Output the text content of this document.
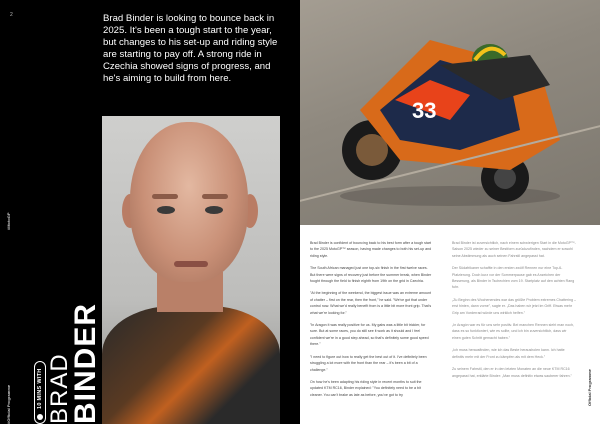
2
#Official Programme
#MotoGP
Brad Binder is looking to bounce back in 2025. It's been a tough start to the year, but changes to his set-up and riding style are starting to pay off. A strong ride in Czechia showed signs of progress, and he's aiming to build from here.
10 MINS WITH BRAD
BINDER
33

Brad Binder is confident of bouncing back to his best form after a tough start to the 2025 MotoGP™ season, having made changes to both his set-up and riding style.

The South African managed just one top-six finish in the first twelve races. But there were signs of recovery just before the summer break, when Binder fought through the field to finish eighth from 19th on the grid in Czechia.

"At the beginning of the weekend, the biggest issue was an extreme amount of chatter – first on the rear, then the front," he said. "We've got that under control now. What we'd really benefit from is a little bit more front grip. That's what we're looking for."

"In Aragon it was really positive for us. My gabs was a little bit trickier, for sure. But at some races, you do still see it work as it should and I feel confident we're in a good step ahead, so that's definitely some good speed there."

"I need to figure out how to really get the best out of it. I've definitely been struggling a lot more with the front than the rear – it's been a bit of a challenge."

On how he's been adapting his riding style in recent months to suit the updated KTM RC16, Binder explained: "You definitely need to be a bit cleaner. You can't brake as late as before, you've got to try

Brad Binder ist zuversichtlich, nach einem schwierigen Start in die MotoGP™-Saison 2025 wieder zu seiner Bestform zurückzufinden, nachdem er sowohl seine Abstimmung als auch seinen Fahrstil angepasst hat.

Der Südafrikaner schaffte in den ersten zwölf Rennen nur eine Top-6-Platzierung. Doch kurz vor der Sommerpause gab es Anzeichen der Besserung, als Binder in Tschechien vom 19. Startplatz auf den achten Rang fuhr.

„Zu Beginn des Wochenendes war das größte Problem extremes Chattering – erst hinten, dann vorne", sagte er. „Das haben wir jetzt im Griff. Etwas mehr Grip am Vorderrad würde uns wirklich helfen."

„In Aragón war es für uns sehr positiv. Bei manchen Rennen sieht man noch, dass es so funktioniert, wie es sollte, und ich bin zuversichtlich, dass wir einen guten Schritt gemacht haben."

„Ich muss herausfinden, wie ich das Beste herausholen kann. Ich hatte definitiv mehr mit der Front zu kämpfen als mit dem Heck."

Zu seinem Fahrstil, den er in den letzten Monaten an die neue KTM RC16 angepasst hat, erklärte Binder: „Man muss definitiv etwas sauberer fahren."	Official Programme
